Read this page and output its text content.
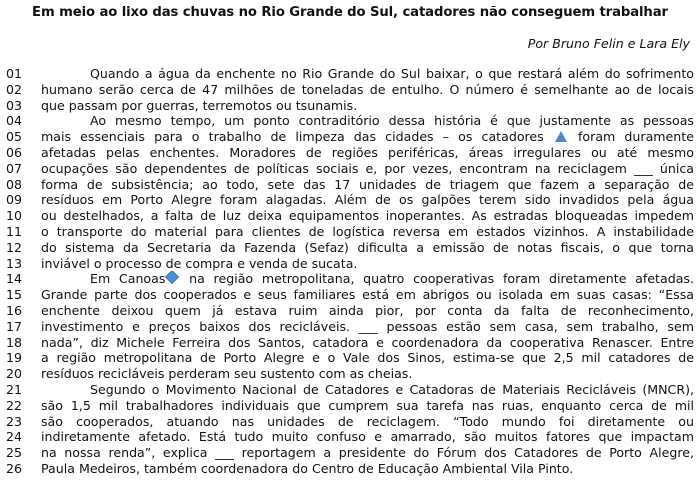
Em meio ao lixo das chuvas no Rio Grande do Sul, catadores não conseguem trabalhar
Por Bruno Felin e Lara Ely
01	Quando a água da enchente no Rio Grande do Sul baixar, o que restará além do sofrimento
02	humano serão cerca de 47 milhões de toneladas de entulho. O número é semelhante ao de locais
03	que passam por guerras, terremotos ou tsunamis.
04	Ao mesmo tempo, um ponto contraditório dessa história é que justamente as pessoas
05	mais essenciais para o trabalho de limpeza das cidades – os catadores	foram duramente
06	afetadas pelas enchentes. Moradores de regiões periféricas, áreas irregulares ou até mesmo
07	ocupações são dependentes de políticas sociais e, por vezes, encontram na reciclagem ___ única
08	forma de subsistência; ao todo, sete das 17 unidades de triagem que fazem a separação de
09	resíduos em Porto Alegre foram alagadas. Além de os galpões terem sido invadidos pela água
10	ou destelhados, a falta de luz deixa equipamentos inoperantes. As estradas bloqueadas impedem
11	o transporte do material para clientes de logística reversa em estados vizinhos. A instabilidade
12	do sistema da Secretaria da Fazenda (Sefaz) dificulta a emissão de notas fiscais, o que torna
13	inviável o processo de compra e venda de sucata.
14	Em Canoas na região metropolitana, quatro cooperativas foram diretamente afetadas.
15	Grande parte dos cooperados e seus familiares está em abrigos ou isolada em suas casas: “Essa
16	enchente deixou quem já estava ruim ainda pior, por conta da falta de reconhecimento,
17	investimento e preços baixos dos recicláveis. ___ pessoas estão sem casa, sem trabalho, sem
18	nada”, diz Michele Ferreira dos Santos, catadora e coordenadora da cooperativa Renascer. Entre
19	a região metropolitana de Porto Alegre e o Vale dos Sinos, estima-se que 2,5 mil catadores de
20	resíduos recicláveis perderam seu sustento com as cheias.
21	Segundo o Movimento Nacional de Catadores e Catadoras de Materiais Recicláveis (MNCR),
22	são 1,5 mil trabalhadores individuais que cumprem sua tarefa nas ruas, enquanto cerca de mil
23	são cooperados, atuando nas unidades de reciclagem. “Todo mundo foi diretamente ou
24	indiretamente afetado. Está tudo muito confuso e amarrado, são muitos fatores que impactam
25	na nossa renda”, explica ___ reportagem a presidente do Fórum dos Catadores de Porto Alegre,
26	Paula Medeiros, também coordenadora do Centro de Educação Ambiental Vila Pinto.
